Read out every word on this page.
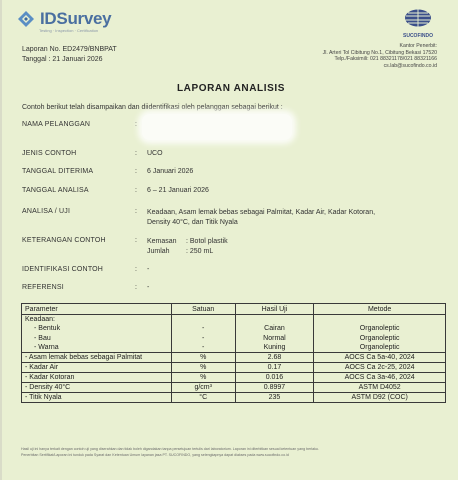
IDSurvey
Testing · Inspection · Certification
SUCOFINDO
Laporan No. ED2479/BNBPAT
Tanggal : 21 Januari 2026
Kantor Penerbit:
Jl. Arteri Tol Cibitung No.1, Cibitung Bekasi 17520
Telp./Faksimili: 021 88321178/021 88321166
cs.lab@sucofindo.co.id
LAPORAN ANALISIS
Contoh berikut telah disampaikan dan diidentifikasi oleh pelanggan sebagai berikut :
NAMA PELANGGAN	:
JENIS CONTOH	: UCO
TANGGAL DITERIMA	: 6 Januari 2026
TANGGAL ANALISA	: 6 – 21 Januari 2026
ANALISA / UJI	: Keadaan, Asam lemak bebas sebagai Palmitat, Kadar Air, Kadar Kotoran,
Density 40°C, dan Titik Nyala
KETERANGAN CONTOH	: Kemasan	: Botol plastik
Jumlah	: 250 mL
IDENTIFIKASI CONTOH	: -
REFERENSI	: -
Parameter	Satuan	Hasil Uji	Metode
Keadaan:			
- Bentuk	-	Cairan	Organoleptic
- Bau	-	Normal	Organoleptic
- Warna	-	Kuning	Organoleptic
- Asam lemak bebas sebagai Palmitat	%	2.68	AOCS Ca 5a-40, 2024
- Kadar Air	%	0.17	AOCS Ca 2c-25, 2024
- Kadar Kotoran	%	0.016	AOCS Ca 3a-46, 2024
- Density 40°C	g/cm³	0.8997	ASTM D4052
- Titik Nyala	°C	235	ASTM D92 (COC)
Hasil uji ini hanya terkait dengan contoh uji yang diserahkan dan tidak boleh digandakan tanpa persetujuan tertulis dari laboratorium. Laporan ini diterbitkan sesuai ketentuan yang berlaku.
Penerbitan Sertifikat/Laporan ini tunduk pada Syarat dan Ketentuan Umum layanan jasa PT. SUCOFINDO, yang selengkapnya dapat diakses pada www.sucofindo.co.id
